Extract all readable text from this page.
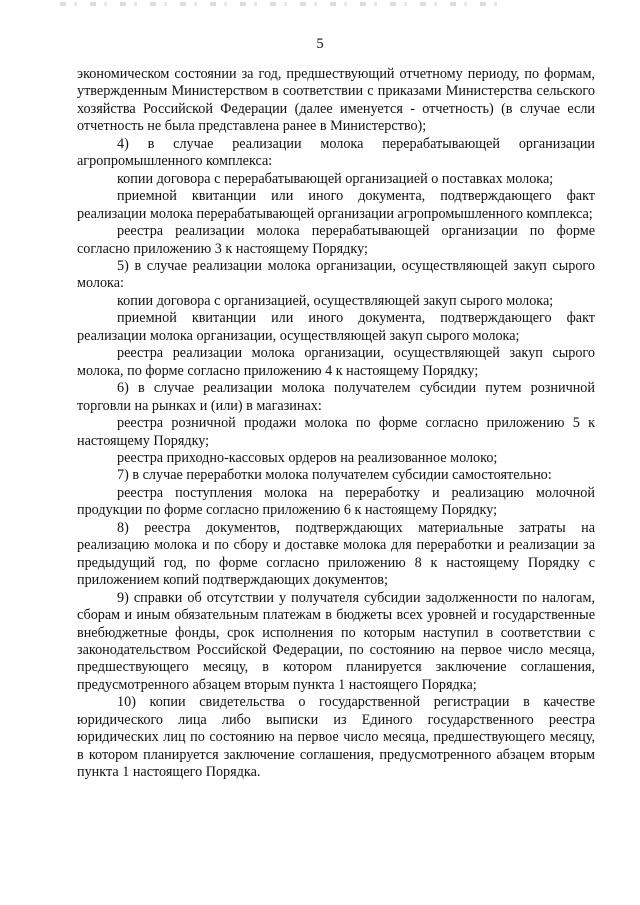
5

экономическом состоянии за год, предшествующий отчетному периоду, по формам, утвержденным Министерством в соответствии с приказами Министерства сельского хозяйства Российской Федерации (далее именуется - отчетность) (в случае если отчетность не была представлена ранее в Министерство);

4) в случае реализации молока перерабатывающей организации агропромышленного комплекса:

копии договора с перерабатывающей организацией о поставках молока;

приемной квитанции или иного документа, подтверждающего факт реализации молока перерабатывающей организации агропромышленного комплекса;

реестра реализации молока перерабатывающей организации по форме согласно приложению 3 к настоящему Порядку;

5) в случае реализации молока организации, осуществляющей закуп сырого молока:

копии договора с организацией, осуществляющей закуп сырого молока;

приемной квитанции или иного документа, подтверждающего факт реализации молока организации, осуществляющей закуп сырого молока;

реестра реализации молока организации, осуществляющей закуп сырого молока, по форме согласно приложению 4 к настоящему Порядку;

6) в случае реализации молока получателем субсидии путем розничной торговли на рынках и (или) в магазинах:

реестра розничной продажи молока по форме согласно приложению 5 к настоящему Порядку;

реестра приходно-кассовых ордеров на реализованное молоко;

7) в случае переработки молока получателем субсидии самостоятельно:

реестра поступления молока на переработку и реализацию молочной продукции по форме согласно приложению 6 к настоящему Порядку;

8) реестра документов, подтверждающих материальные затраты на реализацию молока и по сбору и доставке молока для переработки и реализации за предыдущий год, по форме согласно приложению 8 к настоящему Порядку с приложением копий подтверждающих документов;

9) справки об отсутствии у получателя субсидии задолженности по налогам, сборам и иным обязательным платежам в бюджеты всех уровней и государственные внебюджетные фонды, срок исполнения по которым наступил в соответствии с законодательством Российской Федерации, по состоянию на первое число месяца, предшествующего месяцу, в котором планируется заключение соглашения, предусмотренного абзацем вторым пункта 1 настоящего Порядка;

10) копии свидетельства о государственной регистрации в качестве юридического лица либо выписки из Единого государственного реестра юридических лиц по состоянию на первое число месяца, предшествующего месяцу, в котором планируется заключение соглашения, предусмотренного абзацем вторым пункта 1 настоящего Порядка.
